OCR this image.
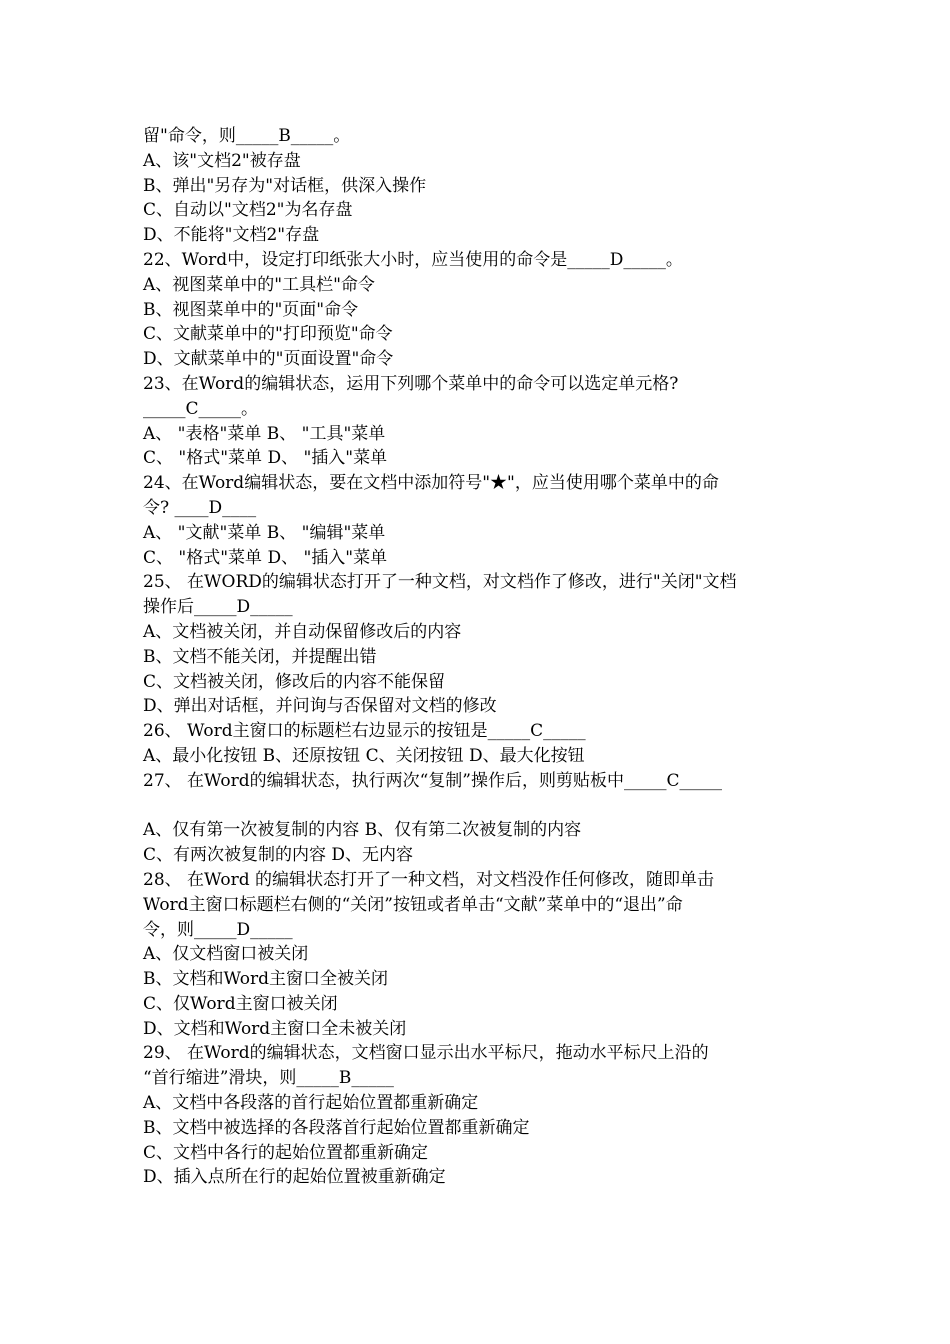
留"命令，则_____B_____。
A、该"文档2"被存盘
B、弹出"另存为"对话框，供深入操作
C、自动以"文档2"为名存盘
D、不能将"文档2"存盘
22、Word中，设定打印纸张大小时，应当使用的命令是_____D_____。
A、视图菜单中的"工具栏"命令
B、视图菜单中的"页面"命令
C、文献菜单中的"打印预览"命令
D、文献菜单中的"页面设置"命令
23、在Word的编辑状态，运用下列哪个菜单中的命令可以选定单元格?
_____C_____。
A、 "表格"菜单 B、 "工具"菜单
C、 "格式"菜单 D、 "插入"菜单
24、在Word编辑状态，要在文档中添加符号"★"，应当使用哪个菜单中的命
令? ____D____
A、 "文献"菜单 B、 "编辑"菜单
C、 "格式"菜单 D、 "插入"菜单
25、 在WORD的编辑状态打开了一种文档，对文档作了修改，进行"关闭"文档
操作后_____D_____
A、文档被关闭，并自动保留修改后的内容
B、文档不能关闭，并提醒出错
C、文档被关闭，修改后的内容不能保留
D、弹出对话框，并问询与否保留对文档的修改
26、 Word主窗口的标题栏右边显示的按钮是_____C_____
A、最小化按钮 B、还原按钮 C、关闭按钮 D、最大化按钮
27、 在Word的编辑状态，执行两次“复制”操作后，则剪贴板中_____C_____
A、仅有第一次被复制的内容 B、仅有第二次被复制的内容
C、有两次被复制的内容 D、无内容
28、 在Word 的编辑状态打开了一种文档，对文档没作任何修改，随即单击
Word主窗口标题栏右侧的“关闭”按钮或者单击“文献”菜单中的“退出”命
令，则_____D_____
A、仅文档窗口被关闭
B、文档和Word主窗口全被关闭
C、仅Word主窗口被关闭
D、文档和Word主窗口全未被关闭
29、 在Word的编辑状态，文档窗口显示出水平标尺，拖动水平标尺上沿的
“首行缩进”滑块，则_____B_____
A、文档中各段落的首行起始位置都重新确定
B、文档中被选择的各段落首行起始位置都重新确定
C、文档中各行的起始位置都重新确定
D、插入点所在行的起始位置被重新确定
